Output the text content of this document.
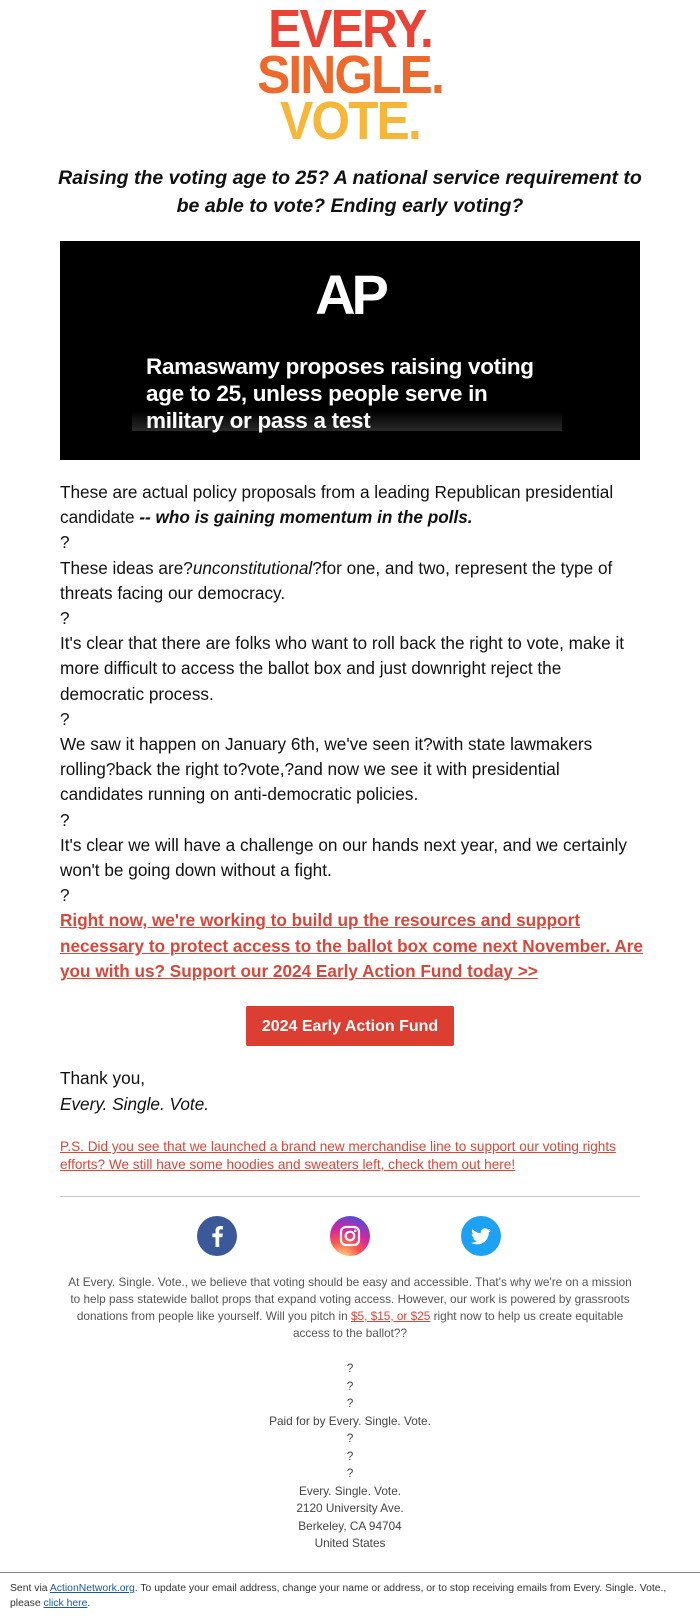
EVERY.
SINGLE.
VOTE.
Raising the voting age to 25? A national service requirement to be able to vote? Ending early voting?
AP
Ramaswamy proposes raising voting age to 25, unless people serve in military or pass a test

These are actual policy proposals from a leading Republican presidential candidate -- who is gaining momentum in the polls.

?

These ideas are?unconstitutional?for one, and two, represent the type of threats facing our democracy.

?

It's clear that there are folks who want to roll back the right to vote, make it more difficult to access the ballot box and just downright reject the democratic process.

?

We saw it happen on January 6th, we've seen it?with state lawmakers rolling?back the right to?vote,?and now we see it with presidential candidates running on anti-democratic policies.

?

It's clear we will have a challenge on our hands next year, and we certainly won't be going down without a fight.

?

Right now, we're working to build up the resources and support necessary to protect access to the ballot box come next November. Are you with us? Support our 2024 Early Action Fund today >>
2024 Early Action Fund
Thank you,
Every. Single. Vote.
P.S. Did you see that we launched a brand new merchandise line to support our voting rights efforts? We still have some hoodies and sweaters left, check them out here!
At Every. Single. Vote., we believe that voting should be easy and accessible. That's why we're on a mission to help pass statewide ballot props that expand voting access. However, our work is powered by grassroots donations from people like yourself. Will you pitch in $5, $15, or $25 right now to help us create equitable access to the ballot??
?
?
?
Paid for by Every. Single. Vote.
?
?
?
Every. Single. Vote.
2120 University Ave.
Berkeley, CA 94704
United States
Sent via ActionNetwork.org. To update your email address, change your name or address, or to stop receiving emails from Every. Single. Vote., please click here.
